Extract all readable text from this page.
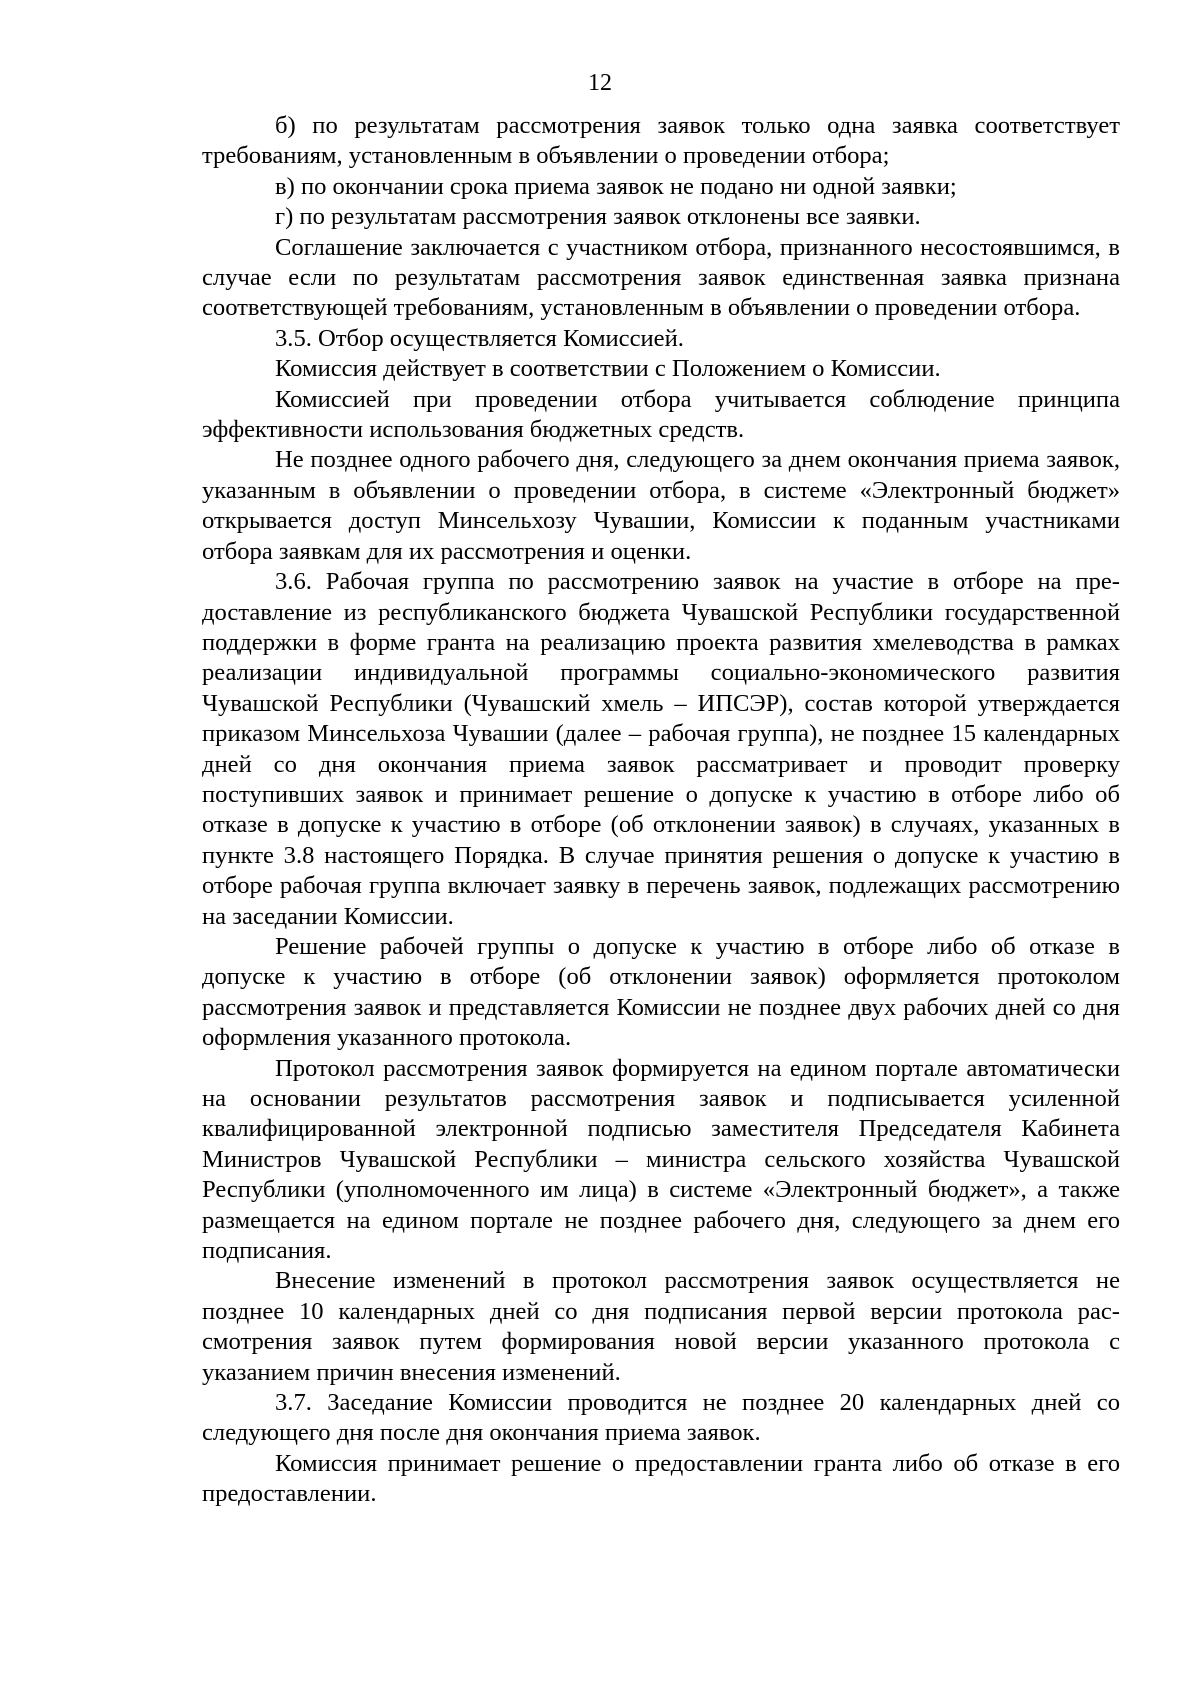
12

б) по результатам рассмотрения заявок только одна заявка соответствует требованиям, установленным в объявлении о проведении отбора;

в) по окончании срока приема заявок не подано ни одной заявки;

г) по результатам рассмотрения заявок отклонены все заявки.

Соглашение заключается с участником отбора, признанного несостоявшимся, в случае если по результатам рассмотрения заявок единственная заявка признана соответствующей требованиям, установленным в объявлении о проведении отбора.

3.5. Отбор осуществляется Комиссией.

Комиссия действует в соответствии с Положением о Комиссии.

Комиссией при проведении отбора учитывается соблюдение принципа эффективности использования бюджетных средств.

Не позднее одного рабочего дня, следующего за днем окончания приема заявок, указанным в объявлении о проведении отбора, в системе «Электронный бюджет» открывается доступ Минсельхозу Чувашии, Комиссии к поданным участниками отбора заявкам для их рассмотрения и оценки.

3.6. Рабочая группа по рассмотрению заявок на участие в отборе на предоставление из республиканского бюджета Чувашской Республики государственной поддержки в форме гранта на реализацию проекта развития хмелеводства в рамках реализации индивидуальной программы социально-экономического развития Чувашской Республики (Чувашский хмель – ИПСЭР), состав которой утверждается приказом Минсельхоза Чувашии (далее – рабочая группа), не позднее 15 календарных дней со дня окончания приема заявок рассматривает и проводит проверку поступивших заявок и принимает решение о допуске к участию в отборе либо об отказе в допуске к участию в отборе (об отклонении заявок) в случаях, указанных в пункте 3.8 настоящего Порядка. В случае принятия решения о допуске к участию в отборе рабочая группа включает заявку в перечень заявок, подлежащих рассмотрению на заседании Комиссии.

Решение рабочей группы о допуске к участию в отборе либо об отказе в допуске к участию в отборе (об отклонении заявок) оформляется протоколом рассмотрения заявок и представляется Комиссии не позднее двух рабочих дней со дня оформления указанного протокола.

Протокол рассмотрения заявок формируется на едином портале автоматически на основании результатов рассмотрения заявок и подписывается усиленной квалифицированной электронной подписью заместителя Председателя Кабинета Министров Чувашской Республики – министра сельского хозяйства Чувашской Республики (уполномоченного им лица) в системе «Электронный бюджет», а также размещается на едином портале не позднее рабочего дня, следующего за днем его подписания.

Внесение изменений в протокол рассмотрения заявок осуществляется не позднее 10 календарных дней со дня подписания первой версии протокола рассмотрения заявок путем формирования новой версии указанного протокола с указанием причин внесения изменений.

3.7. Заседание Комиссии проводится не позднее 20 календарных дней со следующего дня после дня окончания приема заявок.

Комиссия принимает решение о предоставлении гранта либо об отказе в его предоставлении.
